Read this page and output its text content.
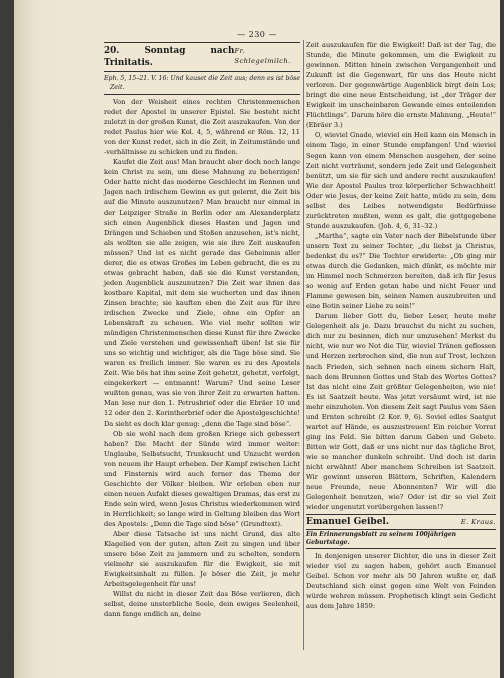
— 230 —
20. Sonntag nach Trinitatis.
Fr. Schlegelmilch.
Eph. 5, 15–21. V. 16: Und kauset die Zeit aus; denn es ist böse Zeit.

Von der Weisheit eines rechten Christenmenschen redet der Apostel in unserer Epistel. Sie besteht nicht zuletzt in der großen Kunst, die Zeit auszukaufen. Von der redet Paulus hier wie Kol. 4, 5, während er Röm. 12, 11 von der Kunst redet, sich in die Zeit, in Zeitumstände und -verhältnisse zu schicken und zu finden.

Kaufet die Zeit aus! Man braucht aber doch noch lange kein Christ zu sein, um diese Mahnung zu beherzigen! Oder hatte nicht das moderne Geschlecht im Rennen und Jagen nach irdischem Gewinn es gut gelernt, die Zeit bis auf die Minute auszunutzen? Man braucht nur einmal in der Leipziger Straße in Berlin oder am Alexanderplatz sich einen Augenblick dieses Hasten und Jagen und Drängen und Schieben und Stoßen anzusehen, ist's nicht, als wollten sie alle zeigen, wie sie ihre Zeit auskaufen müssen? Und ist es nicht gerade das Geheimnis aller derer, die es etwas Großes im Leben gebracht, die es zu etwas gebracht haben, daß sie die Kunst verstanden, jeden Augenblick auszunutzen? Die Zeit war ihnen das kostbare Kapital, mit dem sie wucherten und das ihnen Zinsen brachte; sie kauften eben die Zeit aus für ihre irdischen Zwecke und Ziele, ohne ein Opfer an Lebenskraft zu scheuen. Wie viel mehr sollten wir mündigen Christenmenschen diese Kunst für ihre Zwecke und Ziele verstehen und gewissenhaft üben! Ist sie für uns so wichtig und wichtiger, als die Tage böse sind. Sie waren es freilich immer. Sie waren es zu des Apostels Zeit. Wie bös hat ihm seine Zeit gehetzt, gehetzt, verfolgt, eingekerkert — entmannt! Warum? Und seine Leser wußten genau, was sie von ihrer Zeit zu erwarten hatten. Man lese nur den 1. Petrusbrief oder die Ebräer 10 und 12 oder den 2. Korintherbrief oder die Apostelgeschichte! Da sieht es doch klar genug: „denn die Tage sind böse“.

Ob sie wohl nach dem großen Kriege sich gebessert haben? Die Macht der Sünde wird immer weiter: Unglaube, Selbstsucht, Trunksucht und Unzucht werden von neuem ihr Haupt erheben. Der Kampf zwischen Licht und Finsternis wird auch ferner das Thema der Geschichte der Völker bleiben. Wir erleben eben nur einen neuen Aufakt dieses gewaltigen Dramas, das erst zu Ende sein wird, wenn Jesus Christus wiederkommen wird in Herrlichkeit; so lange wird in Geltung bleiben das Wort des Apostels: „Denn die Tage sind böse“ (Grundtext).

Aber diese Tatsache ist uns nicht Grund, das alte Klagelied von der guten, alten Zeit zu singen und über unsere böse Zeit zu jammern und zu schelten, sondern vielmehr sie auszukaufen für die Ewigkeit, sie mit Ewigkeitsinhalt zu füllen. Je böser die Zeit, je mehr Arbeitsgelegenheit für uns!

Willst du nicht in dieser Zeit das Böse verlieren, dich selbst, deine unsterbliche Seele, dein ewiges Seelenheil, dann fange endlich an, deine

Zeit auszukaufen für die Ewigkeit! Daß ist der Tag, die Stunde, die Minute gekommen, um die Ewigkeit zu gewinnen. Mitten hinein zwischen Vergangenheit und Zukunft ist die Gegenwart, für uns das Heute nicht verloren. Der gegenwärtige Augenblick birgt dein Los; bringt die eine neue Entscheidung, ist „der Träger der Ewigkeit im unscheinbaren Gewande eines enteilenden Flüchtlings“. Darum höre die ernste Mahnung, „Heute!“ (Ebräer 3.)

O, wieviel Gnade, wieviel ein Heil kann ein Mensch in einem Tage, in einer Stunde empfangen! Und wieviel Segen kann von einem Menschen ausgehen, der seine Zeit nicht verträumt, sondern jede Zeit und Gelegenheit benützt, um sie für sich und andere recht auszukaufen! Wie der Apostel Paulus troz körperlicher Schwachheit! Oder wie Jesus, der keine Zeit hatte, müde zu sein, dem selbst des Leibes notwendigste Bedürfnisse zurücktreten mußten, wenn es galt, die gottgegebene Stunde auszukaufen. (Joh. 4, 6, 31–32.)

„Martha“, sagte ein Vater nach der Bibelstunde über unsern Text zu seiner Tochter, „du liebst ja Christus, bedenkst du es?“ Die Tochter erwiderte: „Ob ging mir etwas durch die Gedanken, mich dünkt, es möchte mir im Himmel noch Schmerzen bereiten, daß ich für Jesus so wenig auf Erden getan habe und nicht Feuer und Flamme gewesen bin, seinen Namen auszubreiten und eine Botin seiner Liebe zu sein!“

Darum lieber Gott du, lieber Leser, heute mehr Gelegenheit als je. Dazu brauchst du nicht zu suchen, dich nur zu besinnen, dich nur umzusehen! Merkst du nicht, wie nur wo Not die Tür, wieviel Tränen geflossen und Herzen zerbrochen sind, die nun auf Trost, lechzen nach Frieden, sich sehnen nach einem sichern Halt, nach dem Brunnen Gottes und Stab des Wortes Gottes? Ist das nicht eine Zeit größter Gelegenheiten, wie nie! Es ist Saatzeit heute. Was jetzt versäumt wird, ist nie mehr einzuholen. Von diesem Zeit sagt Paulus vom Säen und Ernten schreibt (2 Kor. 9, 6). Soviel edles Saatgut wartet auf Hände, es auszustreuen! Ein reicher Vorrat ging ins Feld. Sie bitten darum Gaben und Gebete. Bitten wir Gott, daß er uns nicht nur das tägliche Brot, wie so mancher dunkeln schreibt. Und doch ist darin nicht erwähnt! Aber manchem Schreiben ist Saatzeit. Wir gewinnt unseren Blättern, Schriften, Kalendern neue Freunde, neue Abonnenten? Wir will die Gelegenheit benutzen, wie? Oder ist dir so viel Zeit wieder ungenutzt vorübergehen lassen!?

Emanuel Geibel.	E. Kraus.
Ein Erinnerungsblatt zu seinem 100jährigen Geburtstage.

In denjenigen unserer Dichter, die uns in dieser Zeit wieder viel zu sagen haben, gehört auch Emanuel Geibel. Schon vor mehr als 50 Jahren wußte er, daß Deutschland sich einst gegen eine Welt von Feinden würde wehren müssen. Prophetisch klingt sein Gedicht aus dem Jahre 1859:
